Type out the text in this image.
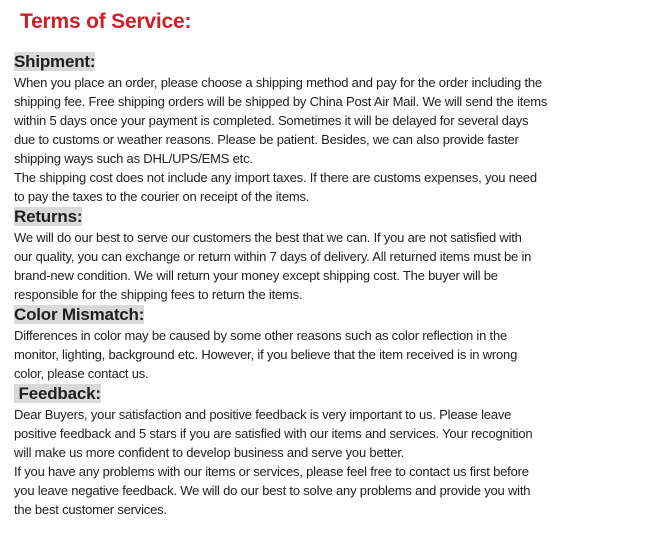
Terms of Service:
Shipment:
When you place an order, please choose a shipping method and pay for the order including the
shipping fee. Free shipping orders will be shipped by China Post Air Mail. We will send the items
within 5 days once your payment is completed. Sometimes it will be delayed for several days
due to customs or weather reasons. Please be patient. Besides, we can also provide faster
shipping ways such as DHL/UPS/EMS etc.
The shipping cost does not include any import taxes. If there are customs expenses, you need
to pay the taxes to the courier on receipt of the items.
Returns:
We will do our best to serve our customers the best that we can. If you are not satisfied with
our quality, you can exchange or return within 7 days of delivery. All returned items must be in
brand-new condition. We will return your money except shipping cost. The buyer will be
responsible for the shipping fees to return the items.
Color Mismatch:
Differences in color may be caused by some other reasons such as color reflection in the
monitor, lighting, background etc. However, if you believe that the item received is in wrong
color, please contact us.
Feedback:
Dear Buyers, your satisfaction and positive feedback is very important to us. Please leave
positive feedback and 5 stars if you are satisfied with our items and services. Your recognition
will make us more confident to develop business and serve you better.
If you have any problems with our items or services, please feel free to contact us first before
you leave negative feedback. We will do our best to solve any problems and provide you with
the best customer services.
